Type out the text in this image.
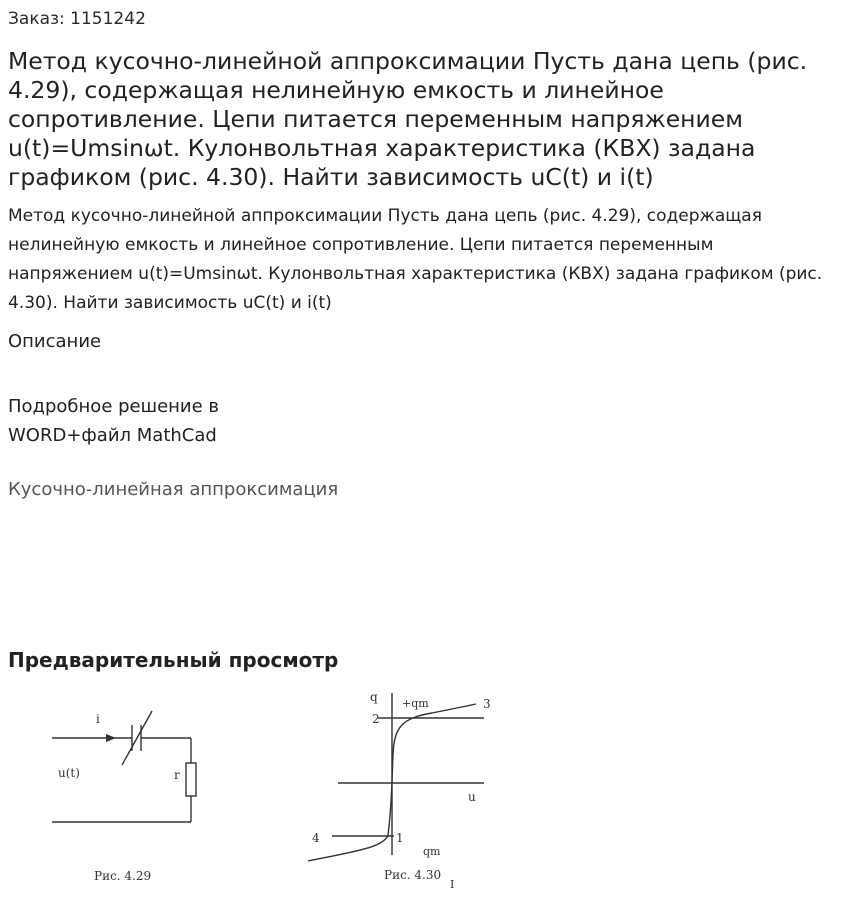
Заказ: 1151242
Метод кусочно-линейной аппроксимации Пусть дана цепь (рис. 4.29), содержащая нелинейную емкость и линейное сопротивление. Цепи питается переменным напряжением u(t)=Umsinωt. Кулонвольтная характеристика (КВХ) задана графиком (рис. 4.30). Найти зависимость uC(t) и i(t)
Метод кусочно-линейной аппроксимации Пусть дана цепь (рис. 4.29), содержащая нелинейную емкость и линейное сопротивление. Цепи питается переменным напряжением u(t)=Umsinωt. Кулонвольтная характеристика (КВХ) задана графиком (рис. 4.30). Найти зависимость uC(t) и i(t)
Описание
Подробное решение в WORD+файл MathCad
Кусочно-линейная аппроксимация
Предварительный просмотр
i
u(t)	r
Рис. 4.29
q +qm	3
2
u
4	1
qm
Рис. 4.30
I
